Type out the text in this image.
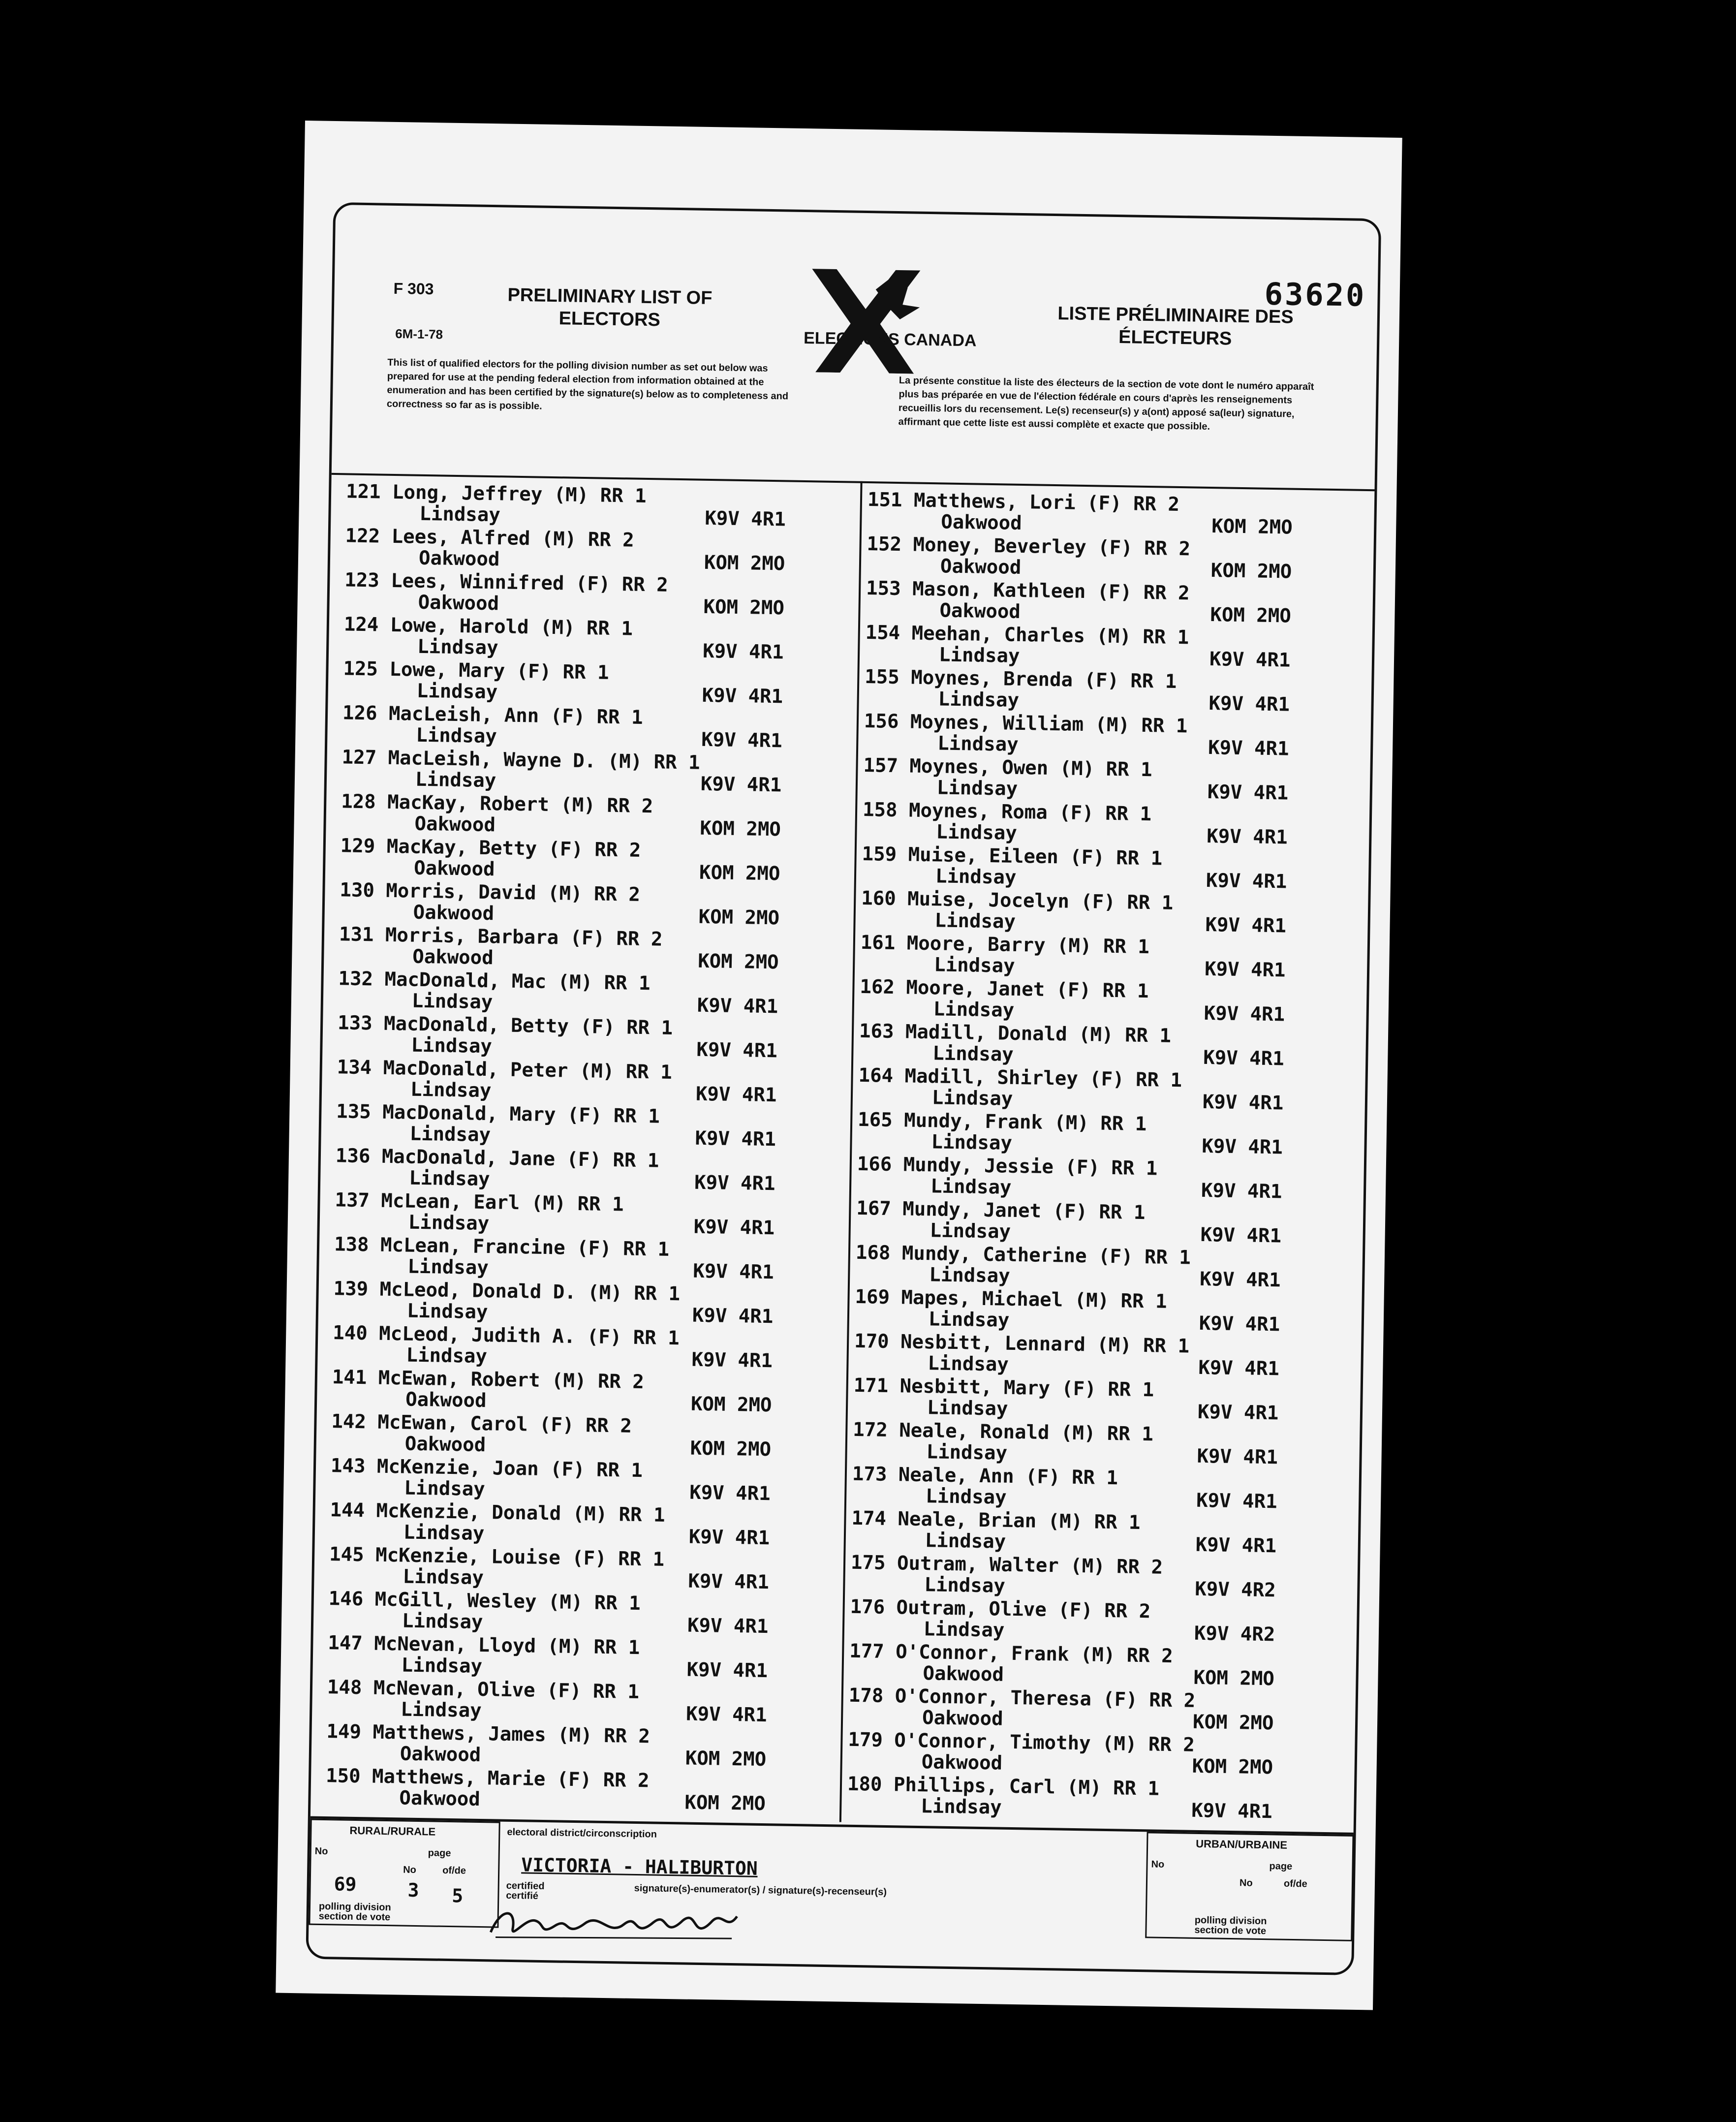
F 303
6M-1-78
PRELIMINARY LIST OF ELECTORS
ELECTIONS CANADA
LISTE PRÉLIMINAIRE DES ÉLECTEURS
63620
This list of qualified electors for the polling division number as set out below was prepared for use at the pending federal election from information obtained at the enumeration and has been certified by the signature(s) below as to completeness and correctness so far as is possible.
La présente constitue la liste des électeurs de la section de vote dont le numéro apparaît plus bas préparée en vue de l'élection fédérale en cours d'après les renseignements recueillis lors du recensement. Le(s) recenseur(s) y a(ont) apposé sa(leur) signature, affirmant que cette liste est aussi complète et exacte que possible.
121 Long, Jeffrey (M) RR 1
Lindsay	K9V 4R1
122 Lees, Alfred (M) RR 2
Oakwood	KOM 2MO
123 Lees, Winnifred (F) RR 2
Oakwood	KOM 2MO
124 Lowe, Harold (M) RR 1
Lindsay	K9V 4R1
125 Lowe, Mary (F) RR 1
Lindsay	K9V 4R1
126 MacLeish, Ann (F) RR 1
Lindsay	K9V 4R1
127 MacLeish, Wayne D. (M) RR 1
Lindsay	K9V 4R1
128 MacKay, Robert (M) RR 2
Oakwood	KOM 2MO
129 MacKay, Betty (F) RR 2
Oakwood	KOM 2MO
130 Morris, David (M) RR 2
Oakwood	KOM 2MO
131 Morris, Barbara (F) RR 2
Oakwood	KOM 2MO
132 MacDonald, Mac (M) RR 1
Lindsay	K9V 4R1
133 MacDonald, Betty (F) RR 1
Lindsay	K9V 4R1
134 MacDonald, Peter (M) RR 1
Lindsay	K9V 4R1
135 MacDonald, Mary (F) RR 1
Lindsay	K9V 4R1
136 MacDonald, Jane (F) RR 1
Lindsay	K9V 4R1
137 McLean, Earl (M) RR 1
Lindsay	K9V 4R1
138 McLean, Francine (F) RR 1
Lindsay	K9V 4R1
139 McLeod, Donald D. (M) RR 1
Lindsay	K9V 4R1
140 McLeod, Judith A. (F) RR 1
Lindsay	K9V 4R1
141 McEwan, Robert (M) RR 2
Oakwood	KOM 2MO
142 McEwan, Carol (F) RR 2
Oakwood	KOM 2MO
143 McKenzie, Joan (F) RR 1
Lindsay	K9V 4R1
144 McKenzie, Donald (M) RR 1
Lindsay	K9V 4R1
145 McKenzie, Louise (F) RR 1
Lindsay	K9V 4R1
146 McGill, Wesley (M) RR 1
Lindsay	K9V 4R1
147 McNevan, Lloyd (M) RR 1
Lindsay	K9V 4R1
148 McNevan, Olive (F) RR 1
Lindsay	K9V 4R1
149 Matthews, James (M) RR 2
Oakwood	KOM 2MO
150 Matthews, Marie (F) RR 2
Oakwood	KOM 2MO
151 Matthews, Lori (F) RR 2
Oakwood	KOM 2MO
152 Money, Beverley (F) RR 2
Oakwood	KOM 2MO
153 Mason, Kathleen (F) RR 2
Oakwood	KOM 2MO
154 Meehan, Charles (M) RR 1
Lindsay	K9V 4R1
155 Moynes, Brenda (F) RR 1
Lindsay	K9V 4R1
156 Moynes, William (M) RR 1
Lindsay	K9V 4R1
157 Moynes, Owen (M) RR 1
Lindsay	K9V 4R1
158 Moynes, Roma (F) RR 1
Lindsay	K9V 4R1
159 Muise, Eileen (F) RR 1
Lindsay	K9V 4R1
160 Muise, Jocelyn (F) RR 1
Lindsay	K9V 4R1
161 Moore, Barry (M) RR 1
Lindsay	K9V 4R1
162 Moore, Janet (F) RR 1
Lindsay	K9V 4R1
163 Madill, Donald (M) RR 1
Lindsay	K9V 4R1
164 Madill, Shirley (F) RR 1
Lindsay	K9V 4R1
165 Mundy, Frank (M) RR 1
Lindsay	K9V 4R1
166 Mundy, Jessie (F) RR 1
Lindsay	K9V 4R1
167 Mundy, Janet (F) RR 1
Lindsay	K9V 4R1
168 Mundy, Catherine (F) RR 1
Lindsay	K9V 4R1
169 Mapes, Michael (M) RR 1
Lindsay	K9V 4R1
170 Nesbitt, Lennard (M) RR 1
Lindsay	K9V 4R1
171 Nesbitt, Mary (F) RR 1
Lindsay	K9V 4R1
172 Neale, Ronald (M) RR 1
Lindsay	K9V 4R1
173 Neale, Ann (F) RR 1
Lindsay	K9V 4R1
174 Neale, Brian (M) RR 1
Lindsay	K9V 4R1
175 Outram, Walter (M) RR 2
Lindsay	K9V 4R2
176 Outram, Olive (F) RR 2
Lindsay	K9V 4R2
177 O'Connor, Frank (M) RR 2
Oakwood	KOM 2MO
178 O'Connor, Theresa (F) RR 2
Oakwood	KOM 2MO
179 O'Connor, Timothy (M) RR 2
Oakwood	KOM 2MO
180 Phillips, Carl (M) RR 1
Lindsay	K9V 4R1
RURAL/RURALE
No	page
No	of/de
69	3 5
polling division section de vote
electoral district/circonscription
VICTORIA - HALIBURTON
certified certifié	signature(s)-enumerator(s) / signature(s)-recenseur(s)
URBAN/URBAINE
No	page
No	of/de
polling division section de vote
